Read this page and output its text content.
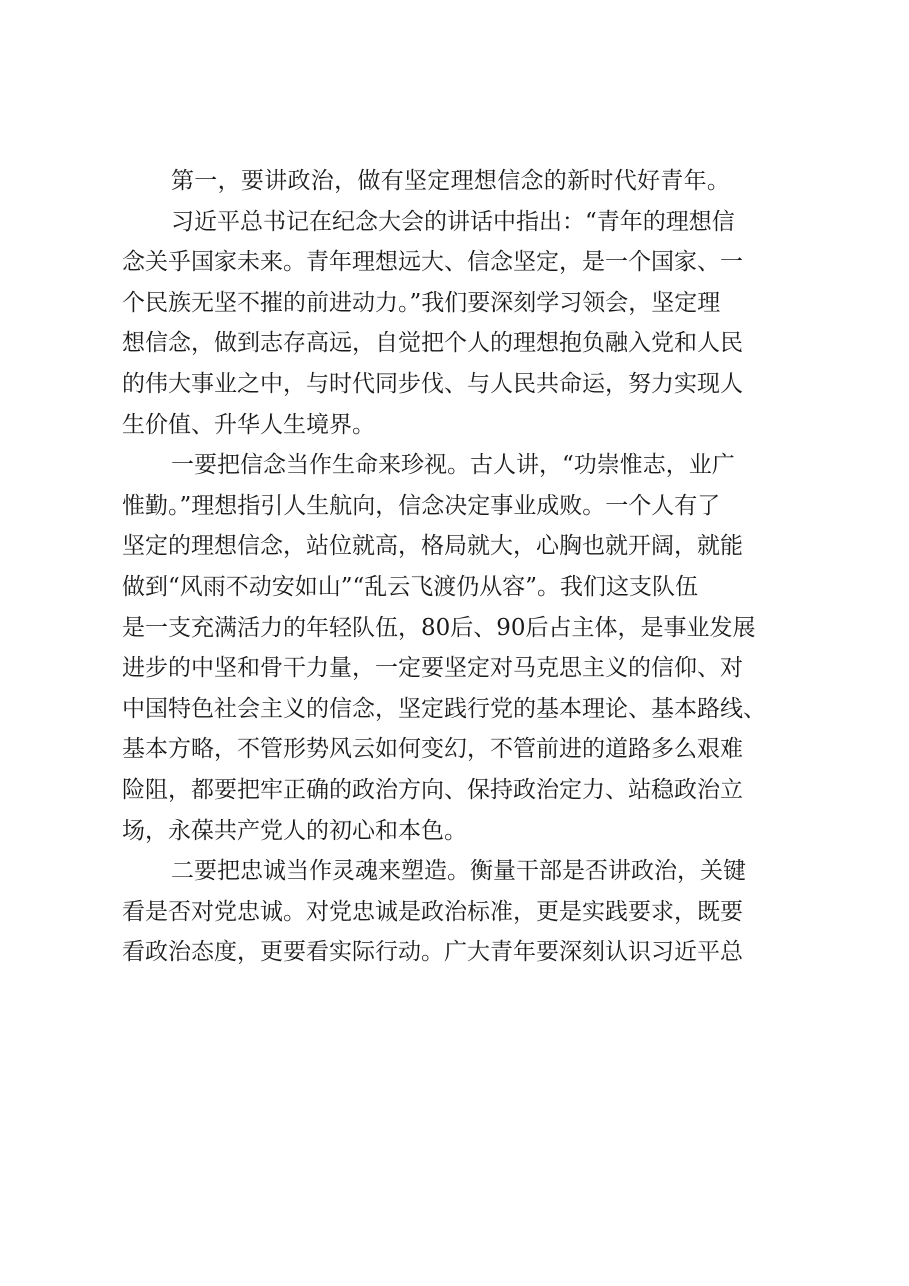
第一，要讲政治，做有坚定理想信念的新时代好青年。
习近平总书记在纪念大会的讲话中指出：“青年的理想信
念关乎国家未来。青年理想远大、信念坚定，是一个国家、一
个民族无坚不摧的前进动力。”我们要深刻学习领会，坚定理
想信念，做到志存高远，自觉把个人的理想抱负融入党和人民
的伟大事业之中，与时代同步伐、与人民共命运，努力实现人
生价值、升华人生境界。
一要把信念当作生命来珍视。古人讲，“功崇惟志，业广
惟勤。”理想指引人生航向，信念决定事业成败。一个人有了
坚定的理想信念，站位就高，格局就大，心胸也就开阔，就能
做到“风雨不动安如山”“乱云飞渡仍从容”。我们这支队伍
是一支充满活力的年轻队伍，80后、90后占主体，是事业发展
进步的中坚和骨干力量，一定要坚定对马克思主义的信仰、对
中国特色社会主义的信念，坚定践行党的基本理论、基本路线、
基本方略，不管形势风云如何变幻，不管前进的道路多么艰难
险阻，都要把牢正确的政治方向、保持政治定力、站稳政治立
场，永葆共产党人的初心和本色。
二要把忠诚当作灵魂来塑造。衡量干部是否讲政治，关键
看是否对党忠诚。对党忠诚是政治标准，更是实践要求，既要
看政治态度，更要看实际行动。广大青年要深刻认识习近平总
